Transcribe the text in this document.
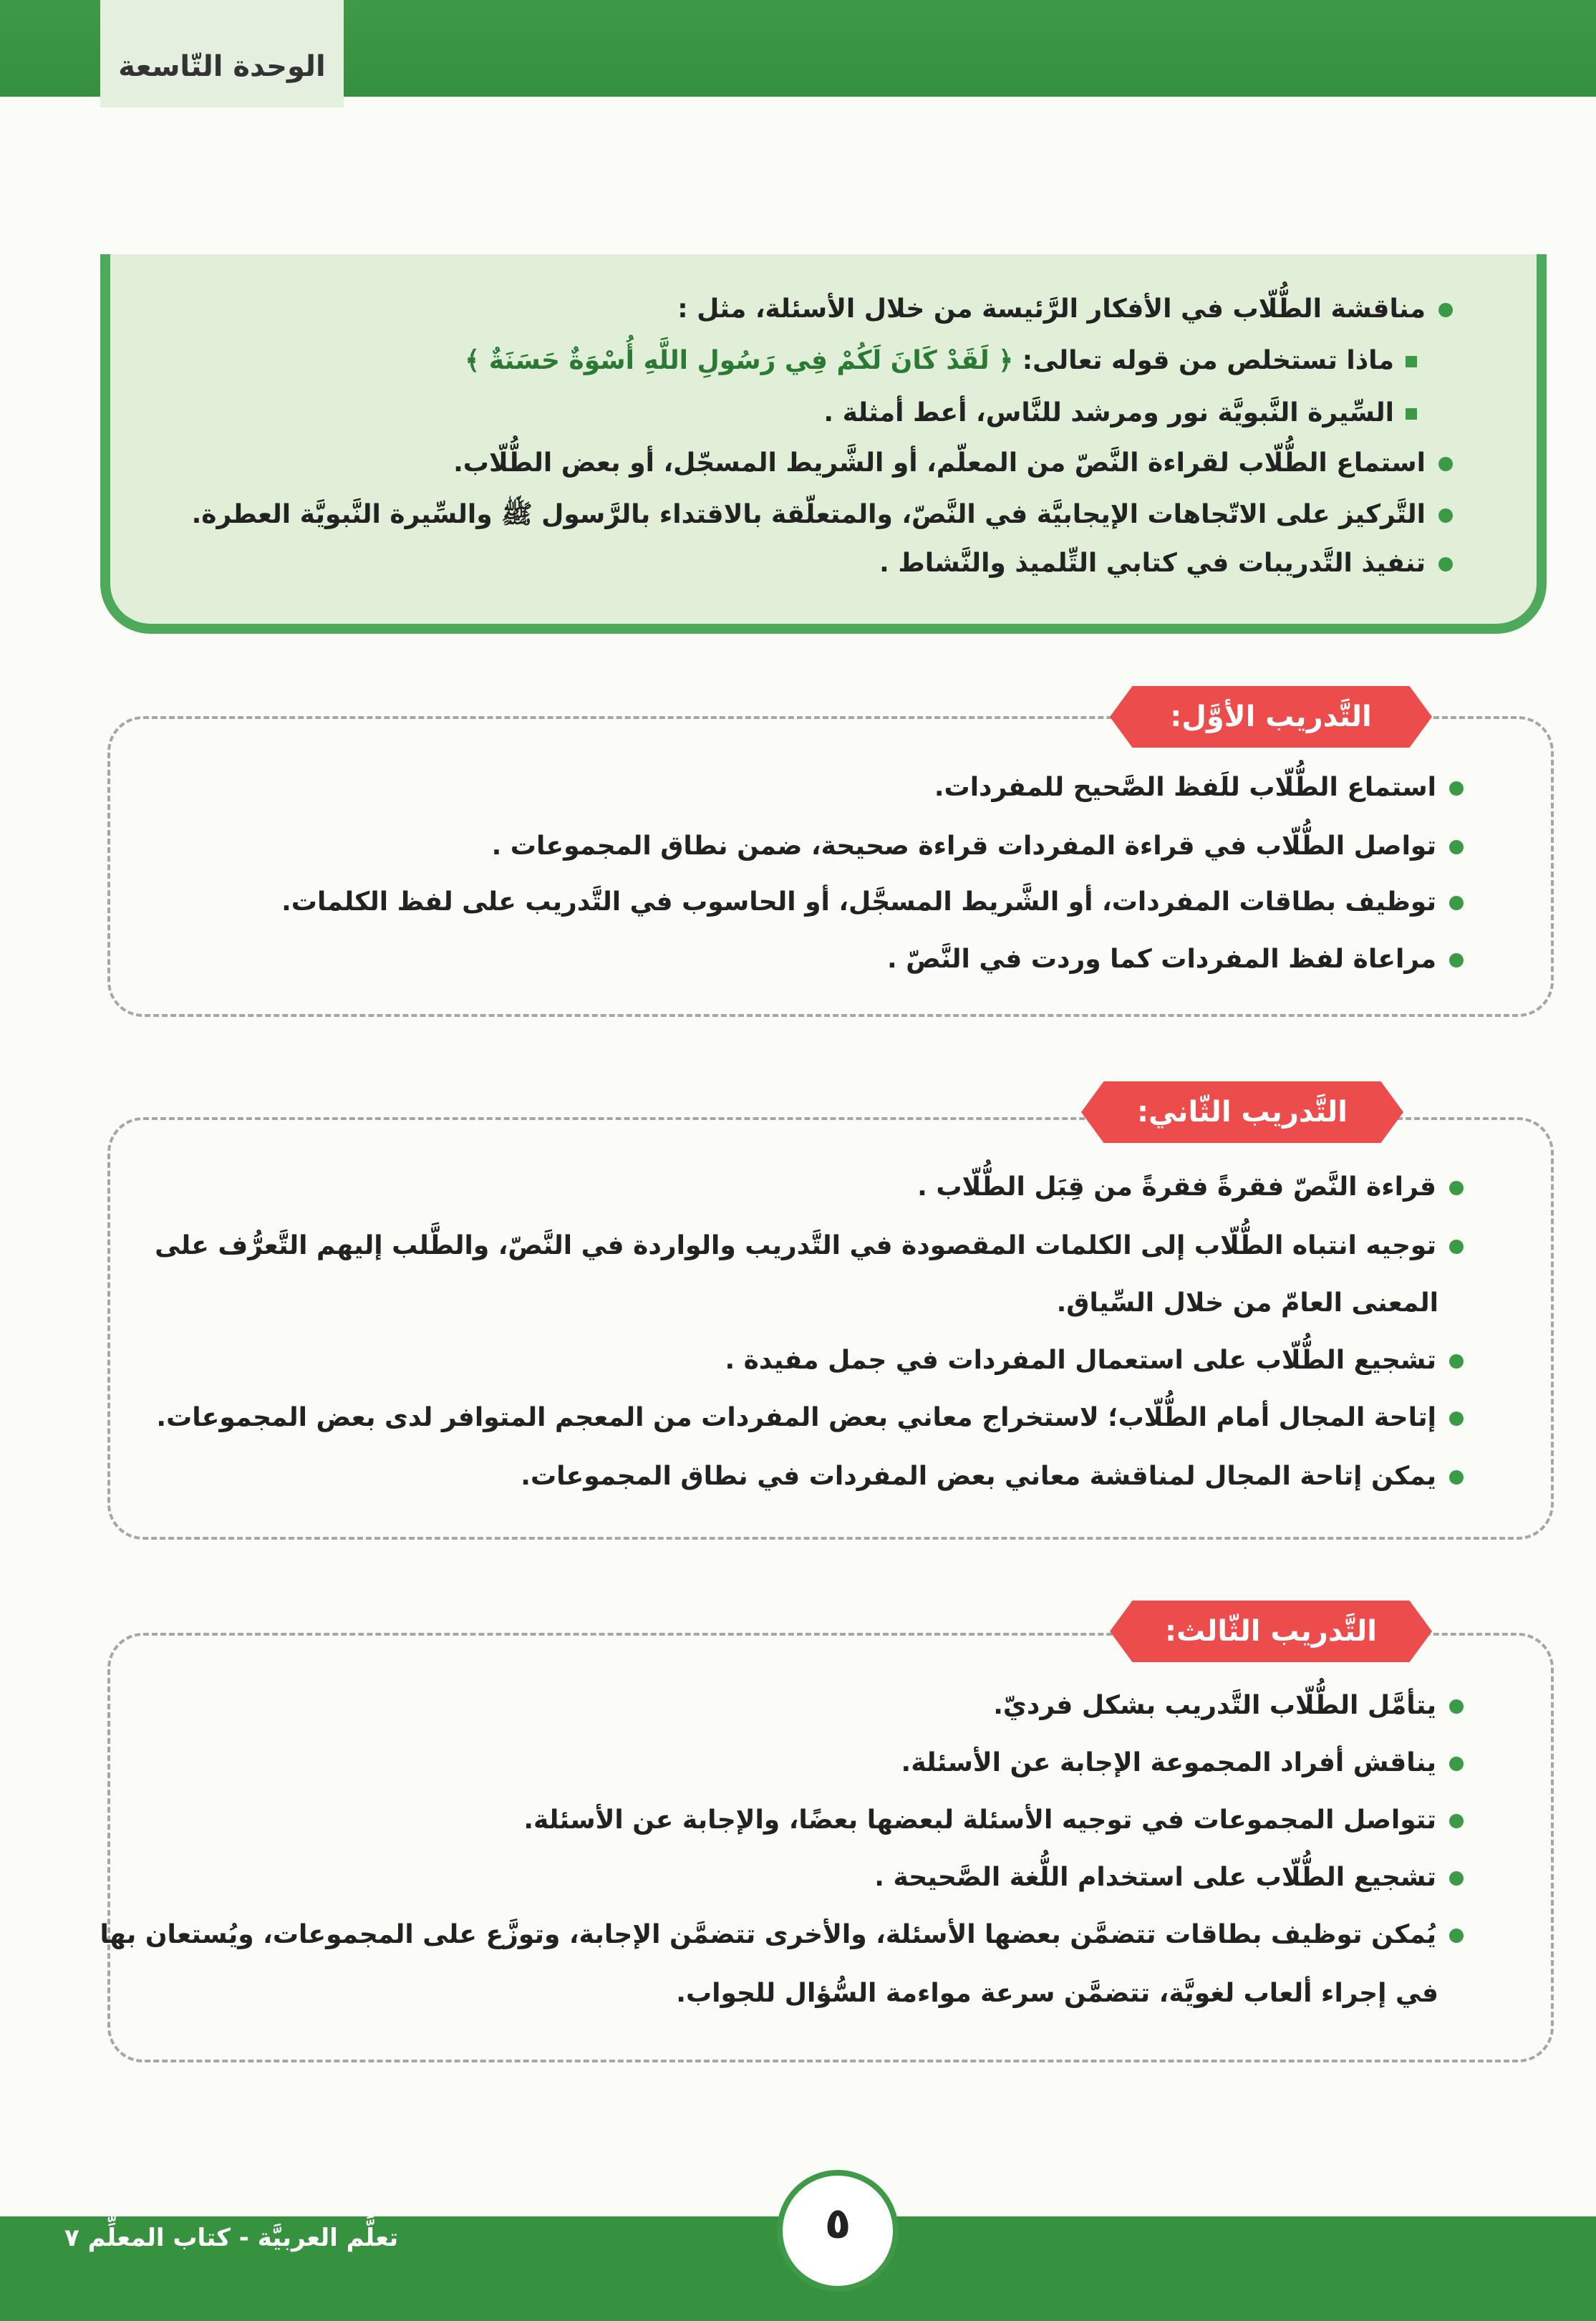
الوحدة التّاسعة
مناقشة الطُّلّاب في الأفكار الرَّئيسة من خلال الأسئلة، مثل :
ماذا تستخلص من قوله تعالى: ﴿ لَقَدْ كَانَ لَكُمْ فِي رَسُولِ اللَّهِ أُسْوَةٌ حَسَنَةٌ ﴾
السِّيرة النَّبويَّة نور ومرشد للنَّاس، أعط أمثلة .
استماع الطُّلّاب لقراءة النَّصّ من المعلّم، أو الشَّريط المسجّل، أو بعض الطُّلّاب.
التَّركيز على الاتّجاهات الإيجابيَّة في النَّصّ، والمتعلّقة بالاقتداء بالرَّسول ﷺ والسِّيرة النَّبويَّة العطرة.
تنفيذ التَّدريبات في كتابي التِّلميذ والنَّشاط .
التَّدريب الأوَّل:
استماع الطُّلّاب للَفظ الصَّحيح للمفردات.
تواصل الطُّلّاب في قراءة المفردات قراءة صحيحة، ضمن نطاق المجموعات .
توظيف بطاقات المفردات، أو الشَّريط المسجَّل، أو الحاسوب في التَّدريب على لفظ الكلمات.
مراعاة لفظ المفردات كما وردت في النَّصّ .
التَّدريب الثّاني:
قراءة النَّصّ فقرةً فقرةً من قِبَل الطُّلّاب .
توجيه انتباه الطُّلّاب إلى الكلمات المقصودة في التَّدريب والواردة في النَّصّ، والطَّلب إليهم التَّعرُّف على
المعنى العامّ من خلال السِّياق.
تشجيع الطُّلّاب على استعمال المفردات في جمل مفيدة .
إتاحة المجال أمام الطُّلّاب؛ لاستخراج معاني بعض المفردات من المعجم المتوافر لدى بعض المجموعات.
يمكن إتاحة المجال لمناقشة معاني بعض المفردات في نطاق المجموعات.
التَّدريب الثّالث:
يتأمَّل الطُّلّاب التَّدريب بشكل فرديّ.
يناقش أفراد المجموعة الإجابة عن الأسئلة.
تتواصل المجموعات في توجيه الأسئلة لبعضها بعضًا، والإجابة عن الأسئلة.
تشجيع الطُّلّاب على استخدام اللُّغة الصَّحيحة .
يُمكن توظيف بطاقات تتضمَّن بعضها الأسئلة، والأخرى تتضمَّن الإجابة، وتوزَّع على المجموعات، ويُستعان بها
في إجراء ألعاب لغويَّة، تتضمَّن سرعة مواءمة السُّؤال للجواب.
تعلَّم العربيَّة - كتاب المعلِّم ٧	٥
